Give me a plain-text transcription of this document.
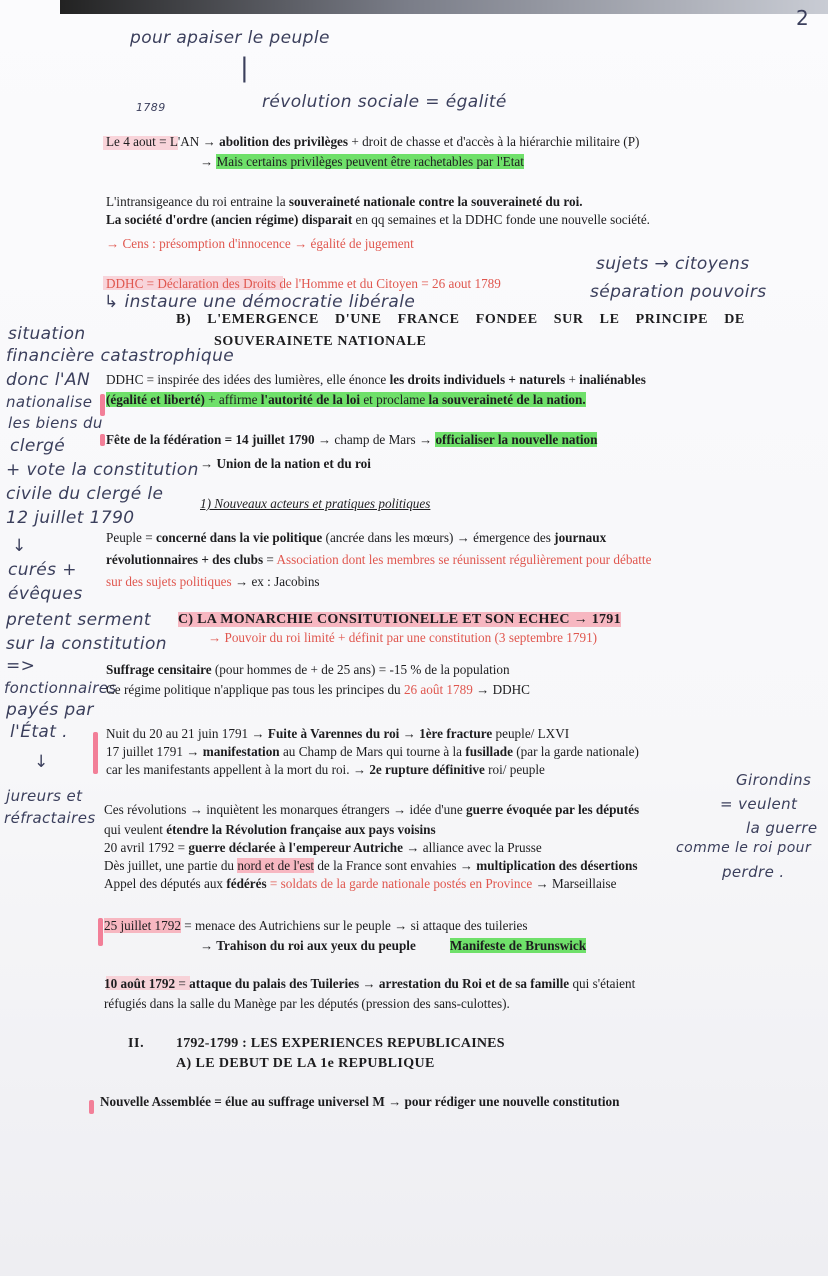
2
pour apaiser le peuple
|
1789	révolution sociale = égalité
sujets → citoyens
séparation pouvoirs
↳ instaure une démocratie libérale
situation
financière catastrophique
donc l'AN
nationalise
les biens du
clergé
+ vote la constitution
civile du clergé le
12 juillet 1790
↓
curés +
évêques
pretent serment
sur la constitution
=>
fonctionnaires
payés par
l'État .
↓
jureurs et
réfractaires
Girondins
= veulent
la guerre
comme le roi pour
perdre .
Le 4 aout = L'AN → abolition des privilèges + droit de chasse et d'accès à la hiérarchie militaire (P)
→ Mais certains privilèges peuvent être rachetables par l'Etat
L'intransigeance du roi entraine la souveraineté nationale contre la souveraineté du roi.
La société d'ordre (ancien régime) disparait en qq semaines et la DDHC fonde une nouvelle société.
→ Cens : présomption d'innocence → égalité de jugement
DDHC = Déclaration des Droits de l'Homme et du Citoyen = 26 aout 1789
B) L'EMERGENCE D'UNE FRANCE FONDEE SUR LE PRINCIPE DE
SOUVERAINETE NATIONALE
DDHC = inspirée des idées des lumières, elle énonce les droits individuels + naturels + inaliénables
(égalité et liberté) + affirme l'autorité de la loi et proclame la souveraineté de la nation.
Fête de la fédération = 14 juillet 1790 → champ de Mars → officialiser la nouvelle nation
→ Union de la nation et du roi
1) Nouveaux acteurs et pratiques politiques
Peuple = concerné dans la vie politique (ancrée dans les mœurs) → émergence des journaux
révolutionnaires + des clubs = Association dont les membres se réunissent régulièrement pour débatte
sur des sujets politiques → ex : Jacobins
C) LA MONARCHIE CONSITUTIONELLE ET SON ECHEC → 1791
→ Pouvoir du roi limité + définit par une constitution (3 septembre 1791)
Suffrage censitaire (pour hommes de + de 25 ans) = -15 % de la population
Ce régime politique n'applique pas tous les principes du 26 août 1789 → DDHC
Nuit du 20 au 21 juin 1791 → Fuite à Varennes du roi → 1ère fracture peuple/ LXVI
17 juillet 1791 → manifestation au Champ de Mars qui tourne à la fusillade (par la garde nationale)
car les manifestants appellent à la mort du roi. → 2e rupture définitive roi/ peuple
Ces révolutions → inquiètent les monarques étrangers → idée d'une guerre évoquée par les députés
qui veulent étendre la Révolution française aux pays voisins
20 avril 1792 = guerre déclarée à l'empereur Autriche → alliance avec la Prusse
Dès juillet, une partie du nord et de l'est de la France sont envahies → multiplication des désertions
Appel des députés aux fédérés = soldats de la garde nationale postés en Province → Marseillaise
25 juillet 1792 = menace des Autrichiens sur le peuple → si attaque des tuileries
→ Trahison du roi aux yeux du peuple	Manifeste de Brunswick
10 août 1792 = attaque du palais des Tuileries → arrestation du Roi et de sa famille qui s'étaient
réfugiés dans la salle du Manège par les députés (pression des sans-culottes).
II. 1792-1799 : LES EXPERIENCES REPUBLICAINES
A) LE DEBUT DE LA 1e REPUBLIQUE
Nouvelle Assemblée = élue au suffrage universel M → pour rédiger une nouvelle constitution
